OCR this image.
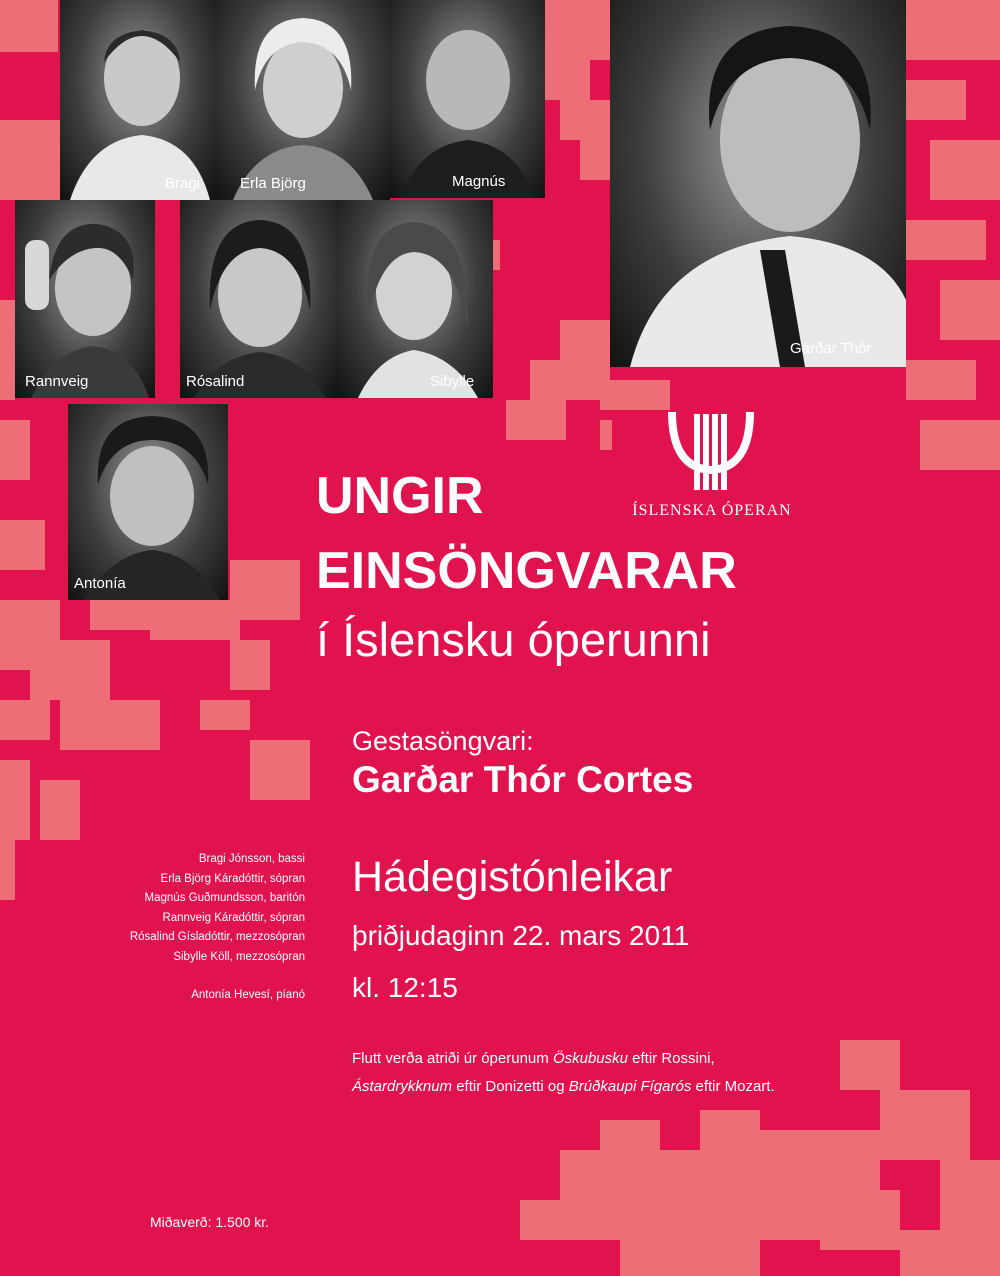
Bragi	Erla Björg	Magnús
Rannveig	Rósalind	Sibylle
Antonía
Garðar Thór
ÍSLENSKA ÓPERAN
UNGIR
EINSÖNGVARAR
í Íslensku óperunni
Gestasöngvari:
Garðar Thór Cortes
Hádegistónleikar
þriðjudaginn 22. mars 2011
kl. 12:15
Bragi Jónsson, bassi
Erla Björg Káradóttir, sópran
Magnús Guðmundsson, baritón
Rannveig Káradóttir, sópran
Rósalind Gísladóttir, mezzosópran
Sibylle Köll, mezzosópran
Antonía Hevesí, píanó
Flutt verða atriði úr óperunum Öskubusku eftir Rossini,
Ástardrykknum eftir Donizetti og Brúðkaupi Fígarós eftir Mozart.
Miðaverð: 1.500 kr.
